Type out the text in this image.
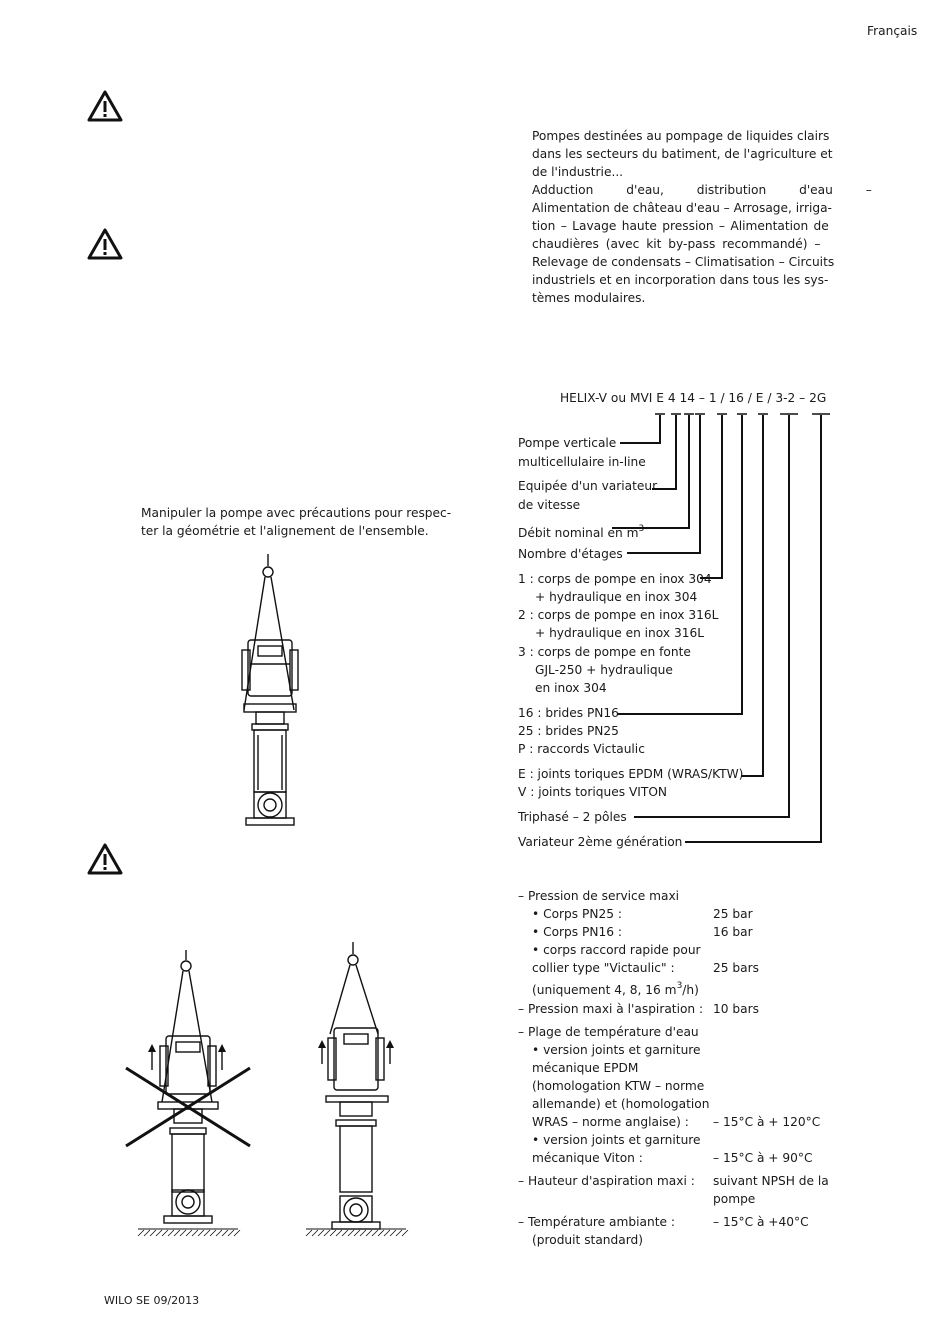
Français
WILO SE 09/2013
Pompes destinées au pompage de liquides clairs
dans les secteurs du batiment, de l'agriculture et
de l'industrie...
Adduction d'eau, distribution d'eau –
Alimentation de château d'eau – Arrosage, irriga-
tion – Lavage haute pression – Alimentation de
chaudières (avec kit by-pass recommandé) –
Relevage de condensats – Climatisation – Circuits
industriels et en incorporation dans tous les sys-
tèmes modulaires.
Manipuler la pompe avec précautions pour respec-
ter la géométrie et l'alignement de l'ensemble.
HELIX-V ou MVI E 4 14 – 1 / 16 / E / 3-2 – 2G
Pompe verticale
multicellulaire in-line
Equipée d'un variateur
de vitesse
Débit nominal en $m^3$
Nombre d'étages
1 : corps de pompe en inox 304
+ hydraulique en inox 304
2 : corps de pompe en inox 316L
+ hydraulique en inox 316L
3 : corps de pompe en fonte
GJL-250 + hydraulique
en inox 304
16 : brides PN16
25 : brides PN25
P : raccords Victaulic
E : joints toriques EPDM (WRAS/KTW)
V : joints toriques VITON
Triphasé – 2 pôles
Variateur 2ème génération
– Pression de service maxi
• Corps PN25 :	25 bar
• Corps PN16 :	16 bar
• corps raccord rapide pour
collier type "Victaulic" :	25 bars
(uniquement 4, 8, 16 $m^3/h$)
– Pression maxi à l'aspiration : 10 bars
– Plage de température d'eau
• version joints et garniture
mécanique EPDM
(homologation KTW – norme
allemande) et (homologation
WRAS – norme anglaise) : – 15°C à + 120°C
• version joints et garniture
mécanique Viton :	– 15°C à + 90°C
– Hauteur d'aspiration maxi : suivant NPSH de la
pompe
– Température ambiante :
(produit standard)
– 15°C à +40°C
